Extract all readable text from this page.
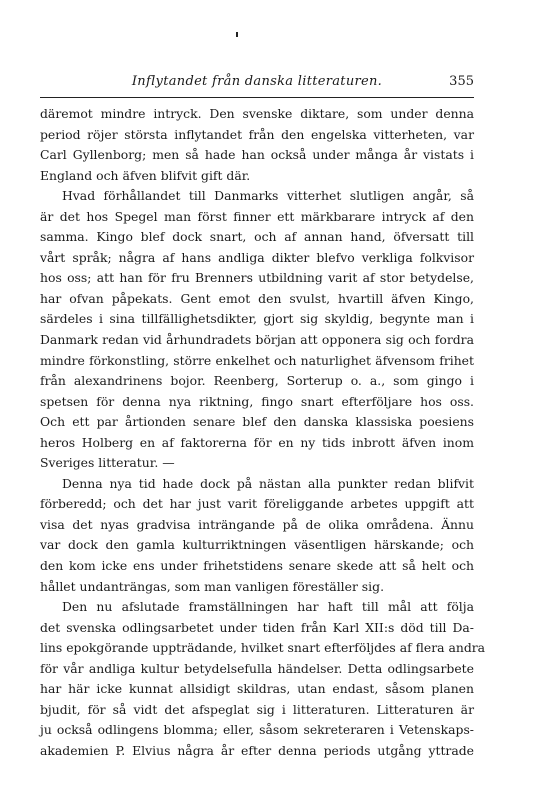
Inflytandet från danska litteraturen.	355
däremot mindre intryck. Den svenske diktare, som under denna
period röjer största inflytandet från den engelska vitterheten, var
Carl Gyllenborg; men så hade han också under många år vistats i
England och äfven blifvit gift där.
Hvad förhållandet till Danmarks vitterhet slutligen angår, så
är det hos Spegel man först finner ett märkbarare intryck af den
samma. Kingo blef dock snart, och af annan hand, öfversatt till
vårt språk; några af hans andliga dikter blefvo verkliga folkvisor
hos oss; att han för fru Brenners utbildning varit af stor betydelse,
har ofvan påpekats. Gent emot den svulst, hvartill äfven Kingo,
särdeles i sina tillfällighetsdikter, gjort sig skyldig, begynte man i
Danmark redan vid århundradets början att opponera sig och fordra
mindre förkonstling, större enkelhet och naturlighet äfvensom frihet
från alexandrinens bojor. Reenberg, Sorterup o. a., som gingo i
spetsen för denna nya riktning, fingo snart efterföljare hos oss.
Och ett par årtionden senare blef den danska klassiska poesiens
heros Holberg en af faktorerna för en ny tids inbrott äfven inom
Sveriges litteratur. —
Denna nya tid hade dock på nästan alla punkter redan blifvit
förberedd; och det har just varit föreliggande arbetes uppgift att
visa det nyas gradvisa inträngande på de olika områdena. Ännu
var dock den gamla kulturriktningen väsentligen härskande; och
den kom icke ens under frihetstidens senare skede att så helt och
hållet undanträngas, som man vanligen föreställer sig.
Den nu afslutade framställningen har haft till mål att följa
det svenska odlingsarbetet under tiden från Karl XII:s död till Da-
lins epokgörande uppträdande, hvilket snart efterföljdes af flera andra
för vår andliga kultur betydelsefulla händelser. Detta odlingsarbete
har här icke kunnat allsidigt skildras, utan endast, såsom planen
bjudit, för så vidt det afspeglat sig i litteraturen. Litteraturen är
ju också odlingens blomma; eller, såsom sekreteraren i Vetenskaps-
akademien P. Elvius några år efter denna periods utgång yttrade
